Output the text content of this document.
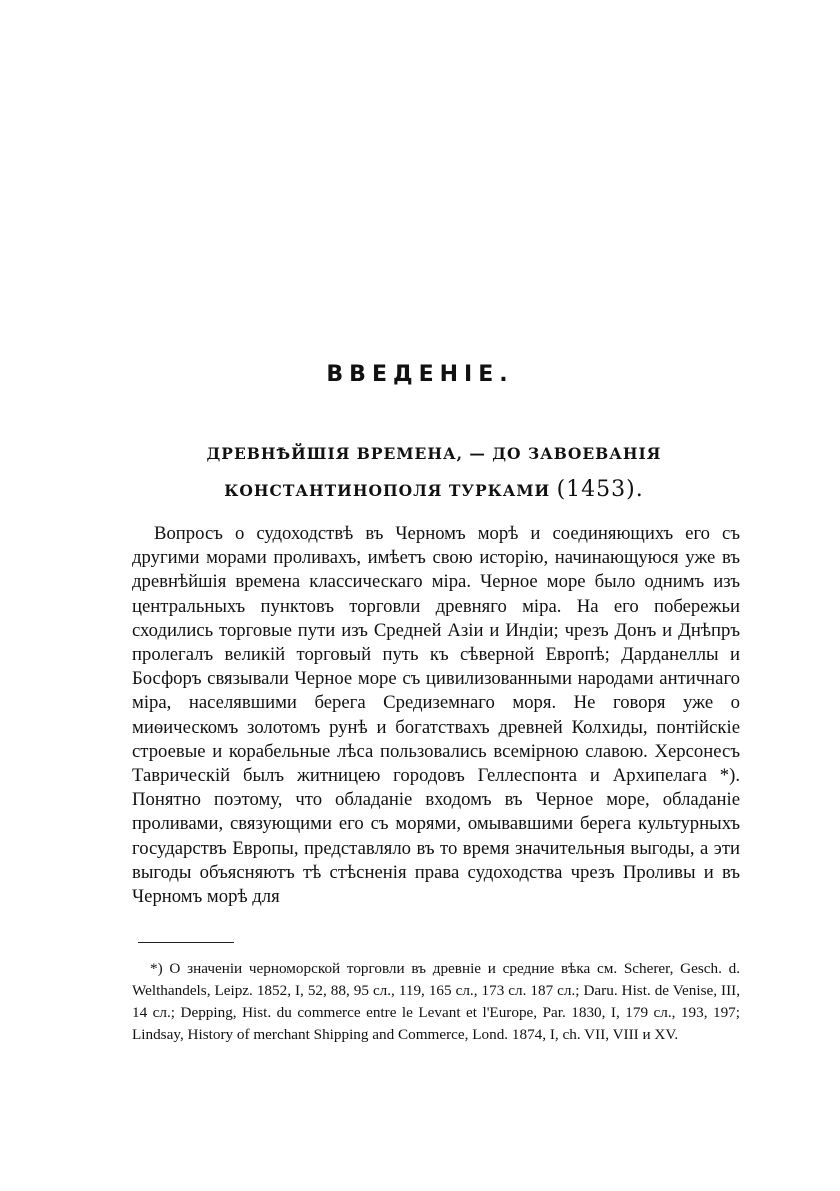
ВВЕДЕНIЕ.
ДРЕВНѢЙШIЯ ВРЕМЕНА, — ДО ЗАВОЕВАНIЯ КОНСТАНТИНОПОЛЯ ТУРКАМИ (1453).

Вопросъ о судоходствѣ въ Черномъ морѣ и соединяющихъ его съ другими морами проливахъ, имѣетъ свою исторiю, начинающуюся уже въ древнѣйшiя времена классическаго мiра. Черное море было однимъ изъ центральныхъ пунктовъ торговли древняго мiра. На его побережьи сходились торговые пути изъ Средней Азiи и Индiи; чрезъ Донъ и Днѣпръ пролегалъ великiй торговый путь къ сѣверной Европѣ; Дарданеллы и Босфоръ связывали Черное море съ цивилизованными народами античнаго мiра, населявшими берега Средиземнаго моря. Не говоря уже о миѳическомъ золотомъ рунѣ и богатствахъ древней Колхиды, понтiйскiе строевые и корабельные лѣса пользовались всемiрною славою. Херсонесъ Таврическiй былъ житницею городовъ Геллеспонта и Архипелага *). Понятно поэтому, что обладанiе входомъ въ Черное море, обладанiе проливами, связующими его съ морями, омывавшими берега культурныхъ государствъ Европы, представляло въ то время значительныя выгоды, а эти выгоды объясняютъ тѣ стѣсненiя права судоходства чрезъ Проливы и въ Черномъ морѣ для

*) О значенiи черноморской торговли въ древнiе и средние вѣка см. Scherer, Gesch. d. Welthandels, Leipz. 1852, I, 52, 88, 95 сл., 119, 165 сл., 173 сл. 187 сл.; Daru. Hist. de Venise, III, 14 сл.; Depping, Hist. du commerce entre le Levant et l'Europe, Par. 1830, I, 179 сл., 193, 197; Lindsay, History of merchant Shipping and Commerce, Lond. 1874, I, ch. VII, VIII и XV.
